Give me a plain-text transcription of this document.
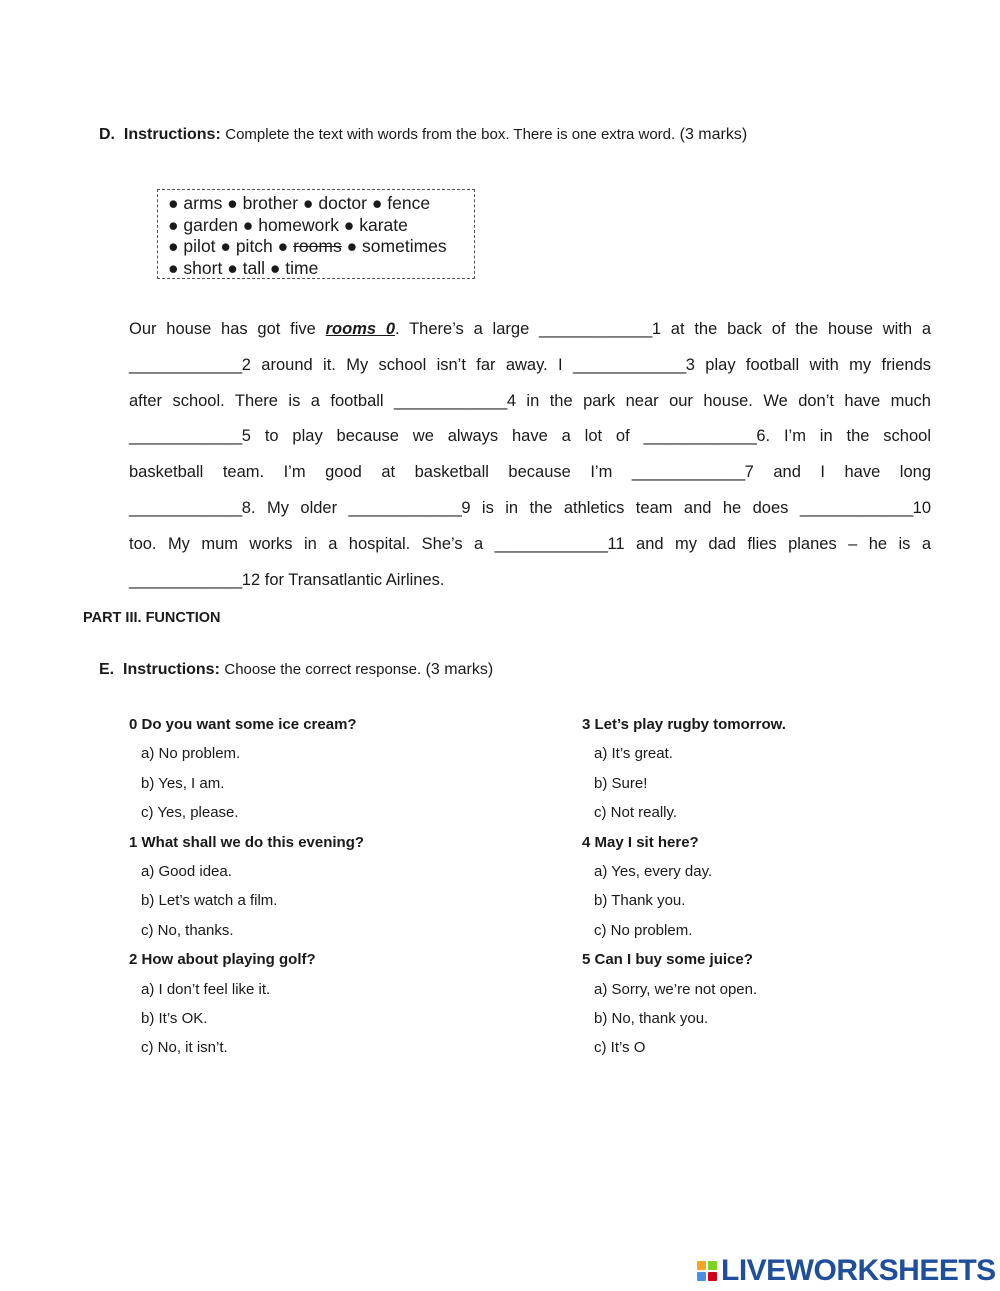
D. Instructions: Complete the text with words from the box. There is one extra word. (3 marks)
● arms ● brother ● doctor ● fence
● garden ● homework ● karate
● pilot ● pitch ● rooms ● sometimes
● short ● tall ● time
Our house has got five rooms 0. There’s a large _____________1 at the back of the house with a
_____________2 around it. My school isn’t far away. I _____________3 play football with my friends
after school. There is a football _____________4 in the park near our house. We don’t have much
_____________5 to play because we always have a lot of _____________6. I’m in the school
basketball team. I’m good at basketball because I’m _____________7 and I have long
_____________8. My older _____________9 is in the athletics team and he does _____________10
too. My mum works in a hospital. She’s a _____________11 and my dad flies planes – he is a
_____________12 for Transatlantic Airlines.
PART III. FUNCTION
E. Instructions: Choose the correct response. (3 marks)
0 Do you want some ice cream?
a) No problem.
b) Yes, I am.
c) Yes, please.
1 What shall we do this evening?
a) Good idea.
b) Let’s watch a film.
c) No, thanks.
2 How about playing golf?
a) I don’t feel like it.
b) It’s OK.
c) No, it isn’t.
3 Let’s play rugby tomorrow.
a) It’s great.
b) Sure!
c) Not really.
4 May I sit here?
a) Yes, every day.
b) Thank you.
c) No problem.
5 Can I buy some juice?
a) Sorry, we’re not open.
b) No, thank you.
c) It’s O
LIVEWORKSHEETS
